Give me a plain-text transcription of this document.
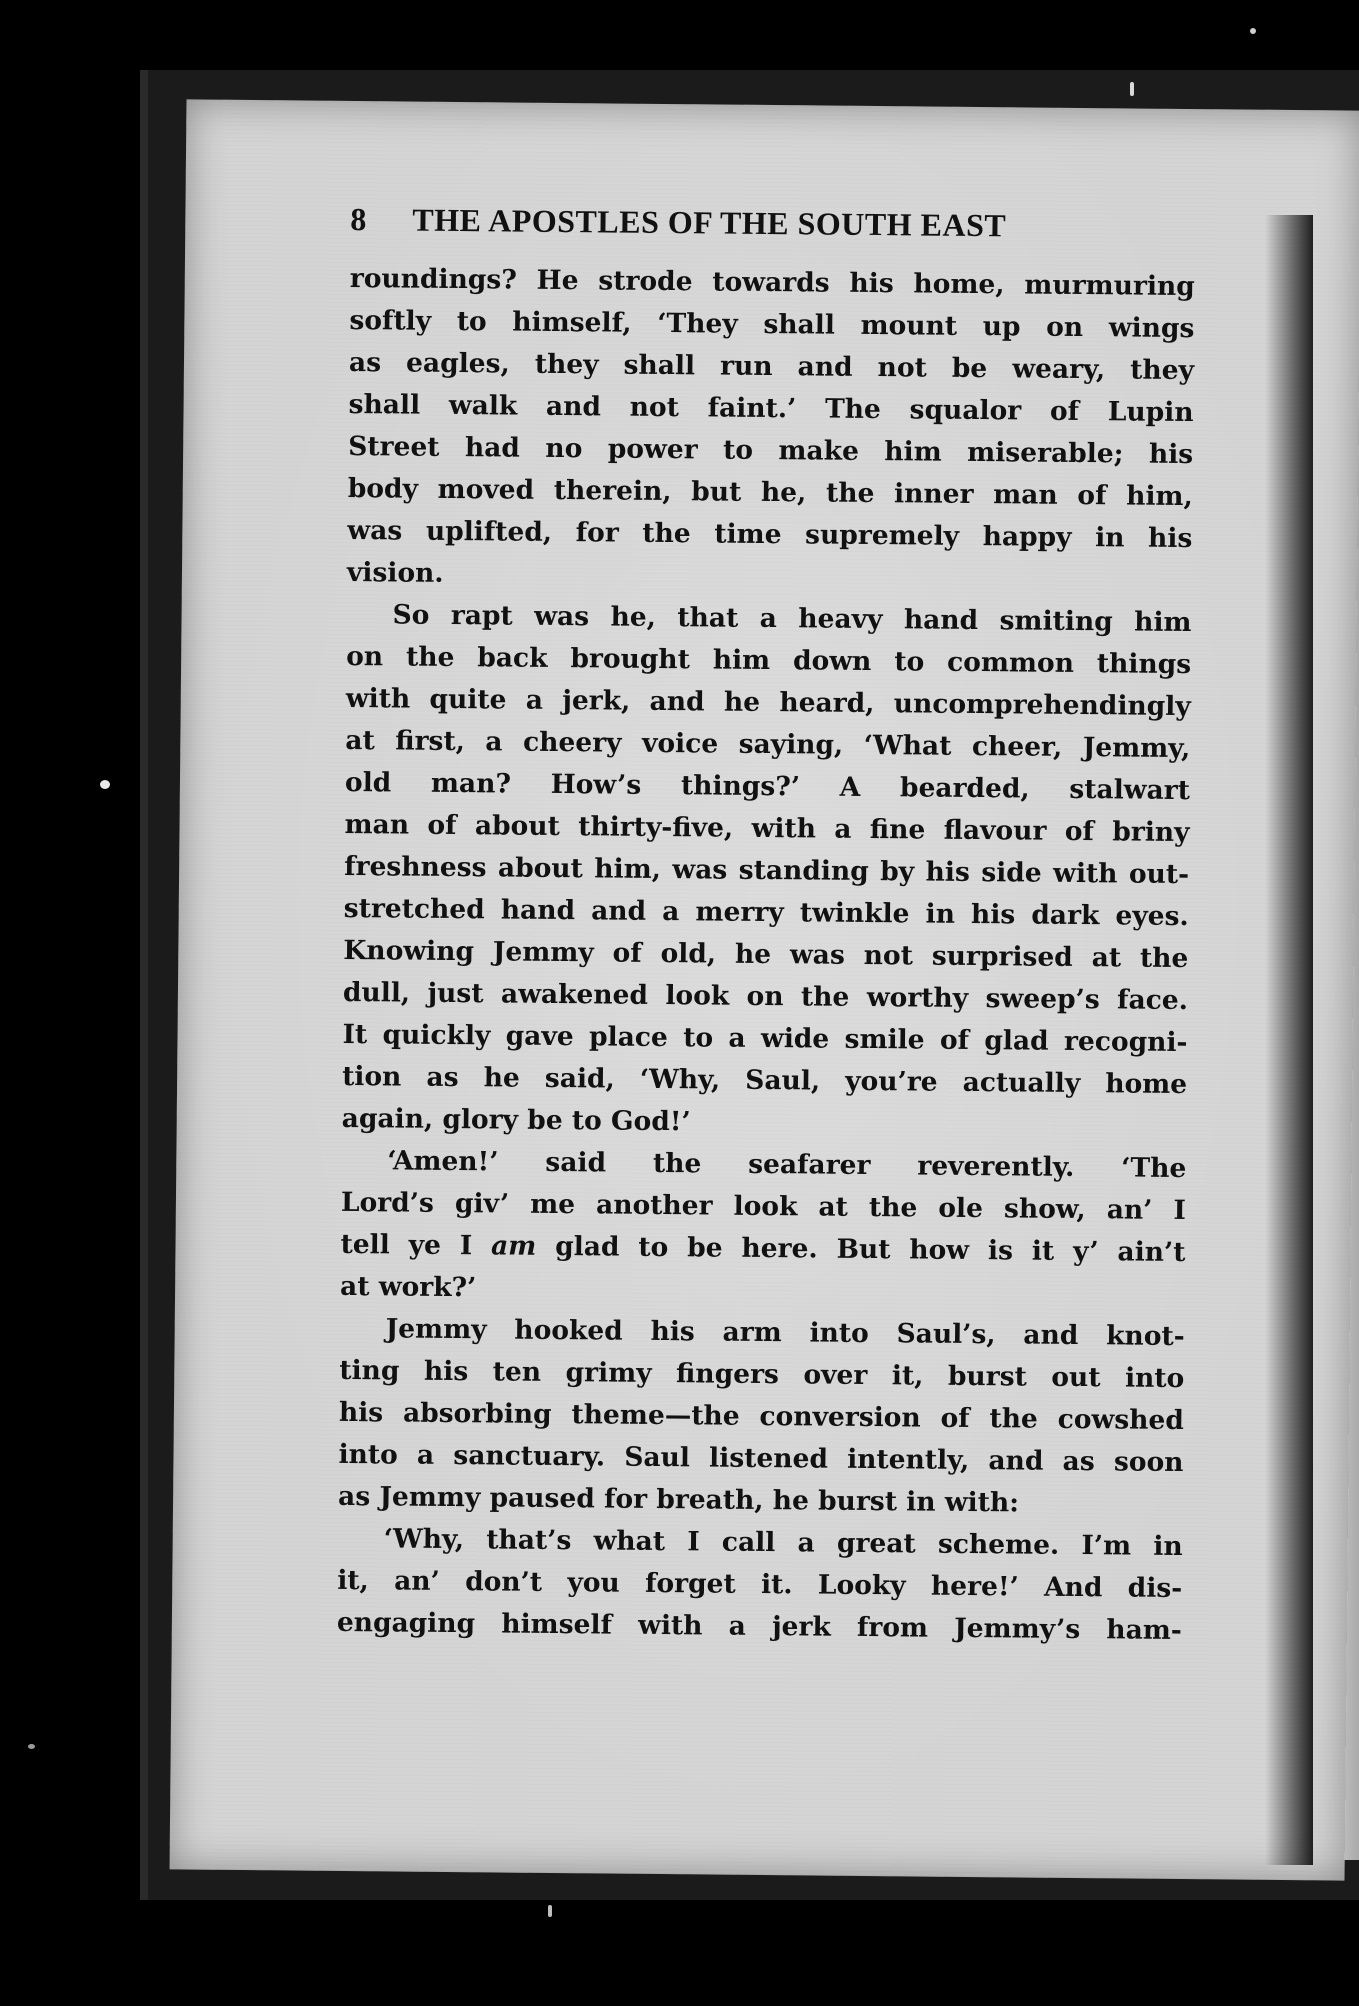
8	THE APOSTLES OF THE SOUTH EAST

roundings? He strode towards his home, murmuring
softly to himself, ‘They shall mount up on wings
as eagles, they shall run and not be weary, they
shall walk and not faint.’ The squalor of Lupin
Street had no power to make him miserable; his
body moved therein, but he, the inner man of him,
was uplifted, for the time supremely happy in his
vision.

So rapt was he, that a heavy hand smiting him
on the back brought him down to common things
with quite a jerk, and he heard, uncomprehendingly
at first, a cheery voice saying, ‘What cheer, Jemmy,
old man? How’s things?’ A bearded, stalwart
man of about thirty-five, with a fine flavour of briny
freshness about him, was standing by his side with out-
stretched hand and a merry twinkle in his dark eyes.
Knowing Jemmy of old, he was not surprised at the
dull, just awakened look on the worthy sweep’s face.
It quickly gave place to a wide smile of glad recogni-
tion as he said, ‘Why, Saul, you’re actually home
again, glory be to God!’

‘Amen!’ said the seafarer reverently. ‘The
Lord’s giv’ me another look at the ole show, an’ I
tell ye I am glad to be here. But how is it y’ ain’t
at work?’

Jemmy hooked his arm into Saul’s, and knot-
ting his ten grimy fingers over it, burst out into
his absorbing theme—the conversion of the cowshed
into a sanctuary. Saul listened intently, and as soon
as Jemmy paused for breath, he burst in with:

‘Why, that’s what I call a great scheme. I’m in
it, an’ don’t you forget it. Looky here!’ And dis-
engaging himself with a jerk from Jemmy’s ham-
